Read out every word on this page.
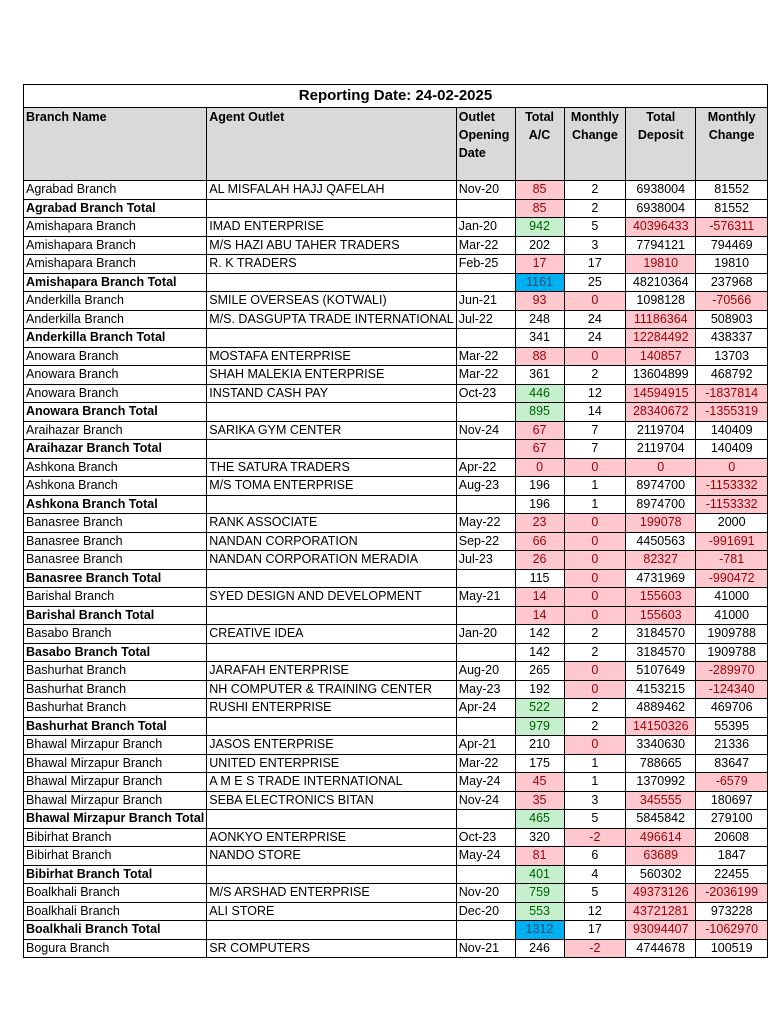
Reporting Date: 24-02-2025						
Branch Name	Agent Outlet	Outlet Opening Date	Total A/C	Monthly Change	Total Deposit	Monthly Change
Agrabad Branch	AL MISFALAH HAJJ QAFELAH	Nov-20	85	2	6938004	81552
Agrabad Branch Total			85	2	6938004	81552
Amishapara Branch	IMAD ENTERPRISE	Jan-20	942	5	40396433	-576311
Amishapara Branch	M/S HAZI ABU TAHER TRADERS	Mar-22	202	3	7794121	794469
Amishapara Branch	R. K TRADERS	Feb-25	17	17	19810	19810
Amishapara Branch Total			1161	25	48210364	237968
Anderkilla Branch	SMILE OVERSEAS (KOTWALI)	Jun-21	93	0	1098128	-70566
Anderkilla Branch	M/S. DASGUPTA TRADE INTERNATIONAL	Jul-22	248	24	11186364	508903
Anderkilla Branch Total			341	24	12284492	438337
Anowara Branch	MOSTAFA ENTERPRISE	Mar-22	88	0	140857	13703
Anowara Branch	SHAH MALEKIA ENTERPRISE	Mar-22	361	2	13604899	468792
Anowara Branch	INSTAND CASH PAY	Oct-23	446	12	14594915	-1837814
Anowara Branch Total			895	14	28340672	-1355319
Araihazar Branch	SARIKA GYM CENTER	Nov-24	67	7	2119704	140409
Araihazar Branch Total			67	7	2119704	140409
Ashkona Branch	THE SATURA TRADERS	Apr-22	0	0	0	0
Ashkona Branch	M/S TOMA ENTERPRISE	Aug-23	196	1	8974700	-1153332
Ashkona Branch Total			196	1	8974700	-1153332
Banasree Branch	RANK ASSOCIATE	May-22	23	0	199078	2000
Banasree Branch	NANDAN CORPORATION	Sep-22	66	0	4450563	-991691
Banasree Branch	NANDAN CORPORATION MERADIA	Jul-23	26	0	82327	-781
Banasree Branch Total			115	0	4731969	-990472
Barishal Branch	SYED DESIGN AND DEVELOPMENT	May-21	14	0	155603	41000
Barishal Branch Total			14	0	155603	41000
Basabo Branch	CREATIVE IDEA	Jan-20	142	2	3184570	1909788
Basabo Branch Total			142	2	3184570	1909788
Bashurhat Branch	JARAFAH ENTERPRISE	Aug-20	265	0	5107649	-289970
Bashurhat Branch	NH COMPUTER & TRAINING CENTER	May-23	192	0	4153215	-124340
Bashurhat Branch	RUSHI ENTERPRISE	Apr-24	522	2	4889462	469706
Bashurhat Branch Total			979	2	14150326	55395
Bhawal Mirzapur Branch	JASOS ENTERPRISE	Apr-21	210	0	3340630	21336
Bhawal Mirzapur Branch	UNITED ENTERPRISE	Mar-22	175	1	788665	83647
Bhawal Mirzapur Branch	A M E S TRADE INTERNATIONAL	May-24	45	1	1370992	-6579
Bhawal Mirzapur Branch	SEBA ELECTRONICS BITAN	Nov-24	35	3	345555	180697
Bhawal Mirzapur Branch Total			465	5	5845842	279100
Bibirhat Branch	AONKYO ENTERPRISE	Oct-23	320	-2	496614	20608
Bibirhat Branch	NANDO STORE	May-24	81	6	63689	1847
Bibirhat Branch Total			401	4	560302	22455
Boalkhali Branch	M/S ARSHAD ENTERPRISE	Nov-20	759	5	49373126	-2036199
Boalkhali Branch	ALI STORE	Dec-20	553	12	43721281	973228
Boalkhali Branch Total			1312	17	93094407	-1062970
Bogura Branch	SR COMPUTERS	Nov-21	246	-2	4744678	100519
